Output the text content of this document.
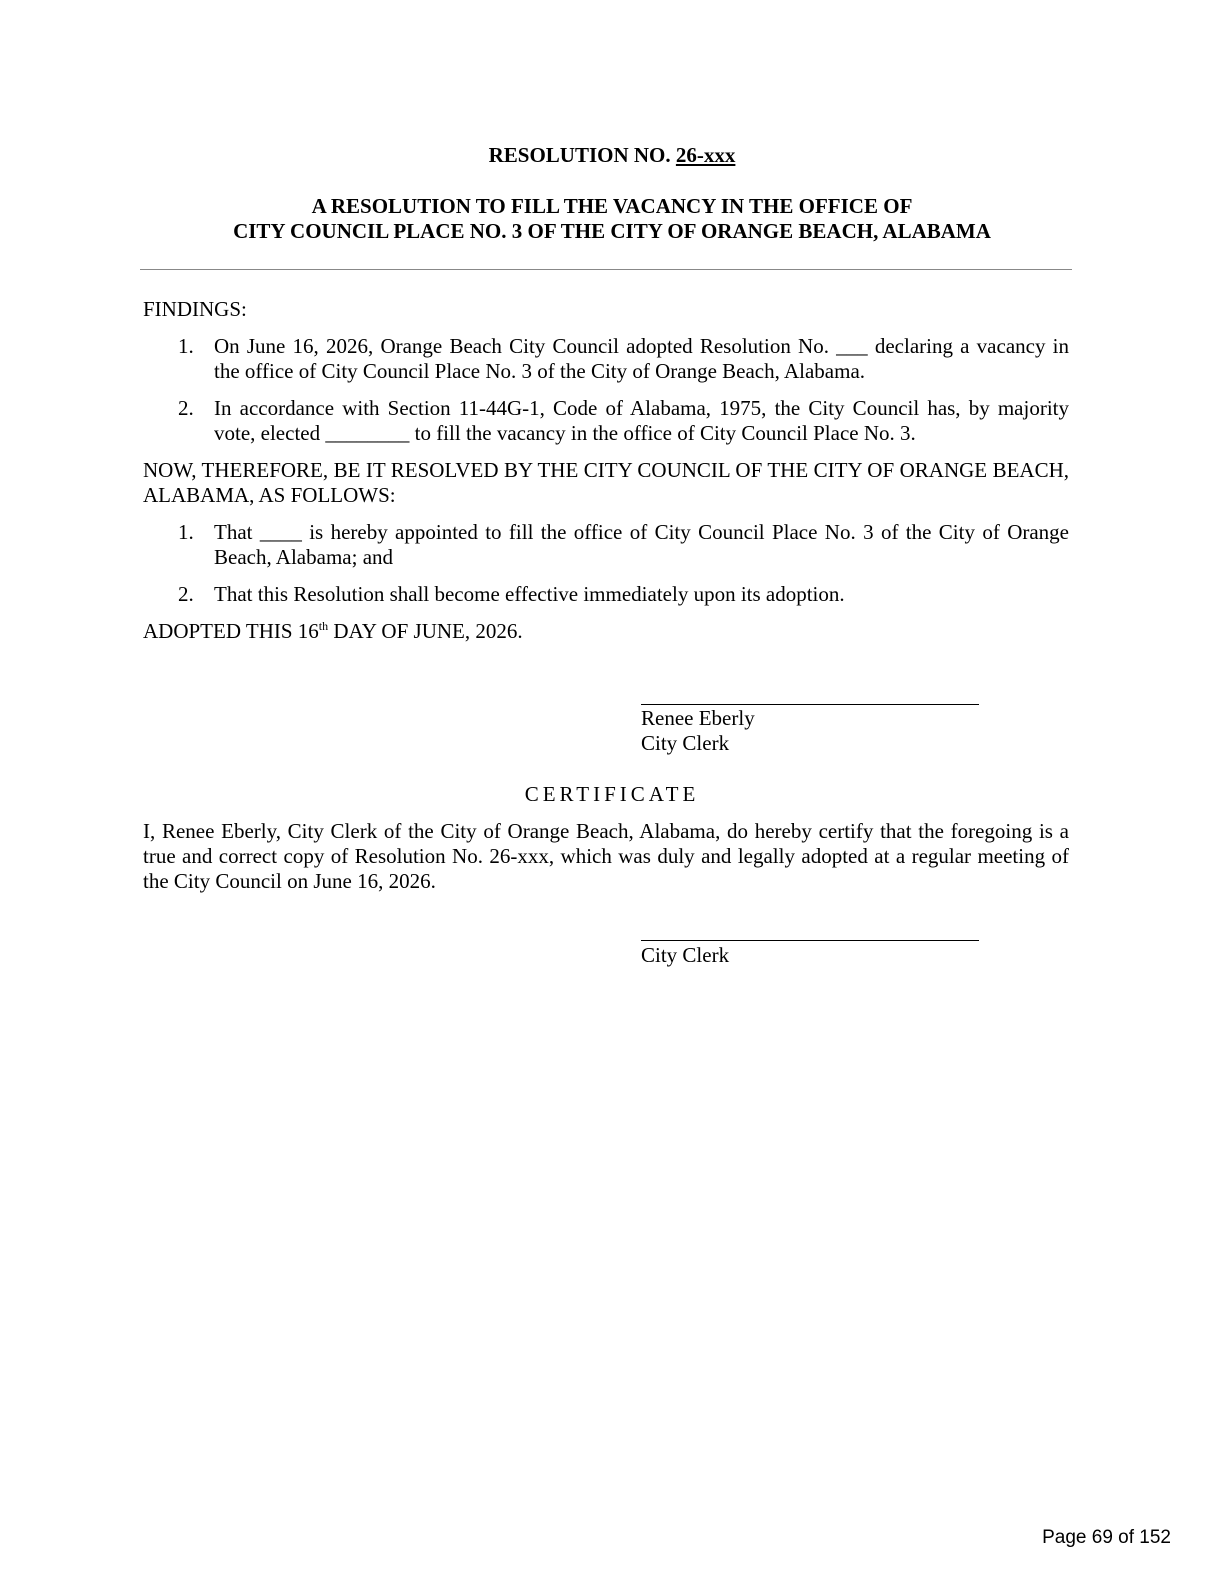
RESOLUTION NO. 26-xxx
A RESOLUTION TO FILL THE VACANCY IN THE OFFICE OF
CITY COUNCIL PLACE NO. 3 OF THE CITY OF ORANGE BEACH, ALABAMA
FINDINGS:
1. On June 16, 2026, Orange Beach City Council adopted Resolution No. ___ declaring a vacancy in the office of City Council Place No. 3 of the City of Orange Beach, Alabama.
2. In accordance with Section 11-44G-1, Code of Alabama, 1975, the City Council has, by majority vote, elected ________ to fill the vacancy in the office of City Council Place No. 3.
NOW, THEREFORE, BE IT RESOLVED BY THE CITY COUNCIL OF THE CITY OF ORANGE BEACH, ALABAMA, AS FOLLOWS:
1. That ____ is hereby appointed to fill the office of City Council Place No. 3 of the City of Orange Beach, Alabama; and
2. That this Resolution shall become effective immediately upon its adoption.
ADOPTED THIS 16th DAY OF JUNE, 2026.
Renee Eberly
City Clerk
CERTIFICATE
I, Renee Eberly, City Clerk of the City of Orange Beach, Alabama, do hereby certify that the foregoing is a true and correct copy of Resolution No. 26-xxx, which was duly and legally adopted at a regular meeting of the City Council on June 16, 2026.
City Clerk
Page 69 of 152
